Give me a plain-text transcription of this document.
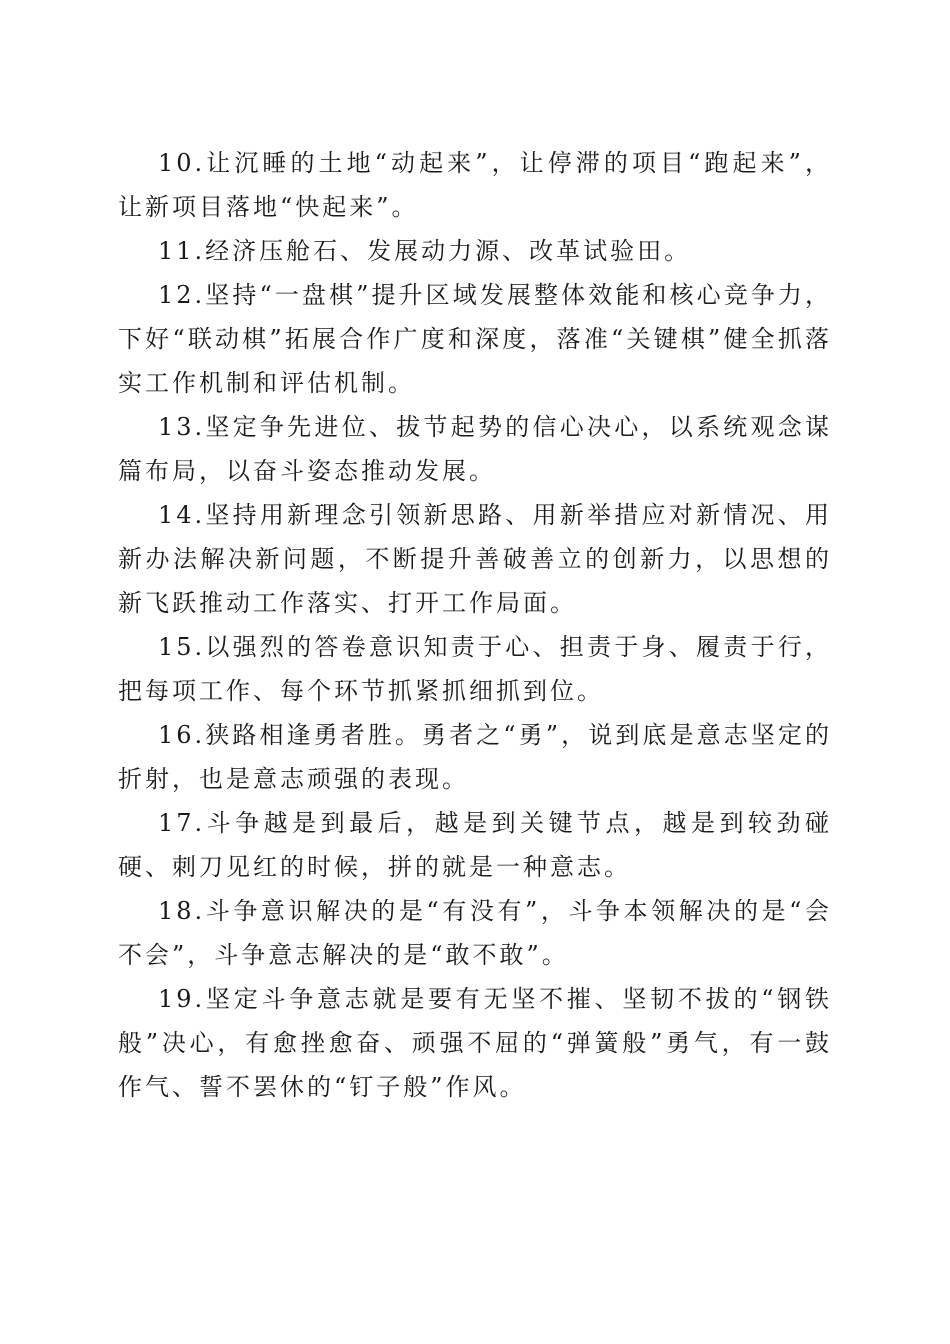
10.让沉睡的土地“动起来”，让停滞的项目“跑起来”，让新项目落地“快起来”。

11.经济压舱石、发展动力源、改革试验田。

12.坚持“一盘棋”提升区域发展整体效能和核心竞争力，下好“联动棋”拓展合作广度和深度，落准“关键棋”健全抓落实工作机制和评估机制。

13.坚定争先进位、拔节起势的信心决心，以系统观念谋篇布局，以奋斗姿态推动发展。

14.坚持用新理念引领新思路、用新举措应对新情况、用新办法解决新问题，不断提升善破善立的创新力，以思想的新飞跃推动工作落实、打开工作局面。

15.以强烈的答卷意识知责于心、担责于身、履责于行，把每项工作、每个环节抓紧抓细抓到位。

16.狭路相逢勇者胜。勇者之“勇”，说到底是意志坚定的折射，也是意志顽强的表现。

17.斗争越是到最后，越是到关键节点，越是到较劲碰硬、刺刀见红的时候，拼的就是一种意志。

18.斗争意识解决的是“有没有”，斗争本领解决的是“会不会”，斗争意志解决的是“敢不敢”。

19.坚定斗争意志就是要有无坚不摧、坚韧不拔的“钢铁般”决心，有愈挫愈奋、顽强不屈的“弹簧般”勇气，有一鼓作气、誓不罢休的“钉子般”作风。
